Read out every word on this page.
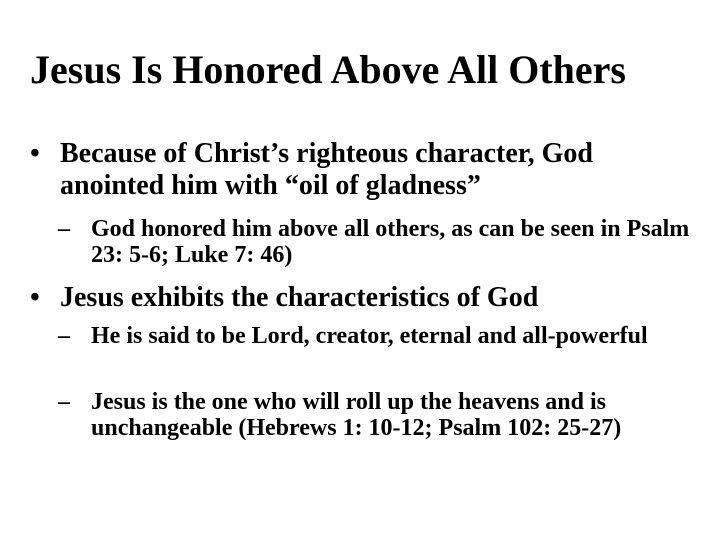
Jesus Is Honored Above All Others
• Because of Christ’s righteous character, God anointed him with “oil of gladness”
– God honored him above all others, as can be seen in Psalm 23: 5-6; Luke 7: 46)
• Jesus exhibits the characteristics of God
– He is said to be Lord, creator, eternal and all-powerful
– Jesus is the one who will roll up the heavens and is unchangeable (Hebrews 1: 10-12; Psalm 102: 25-27)
